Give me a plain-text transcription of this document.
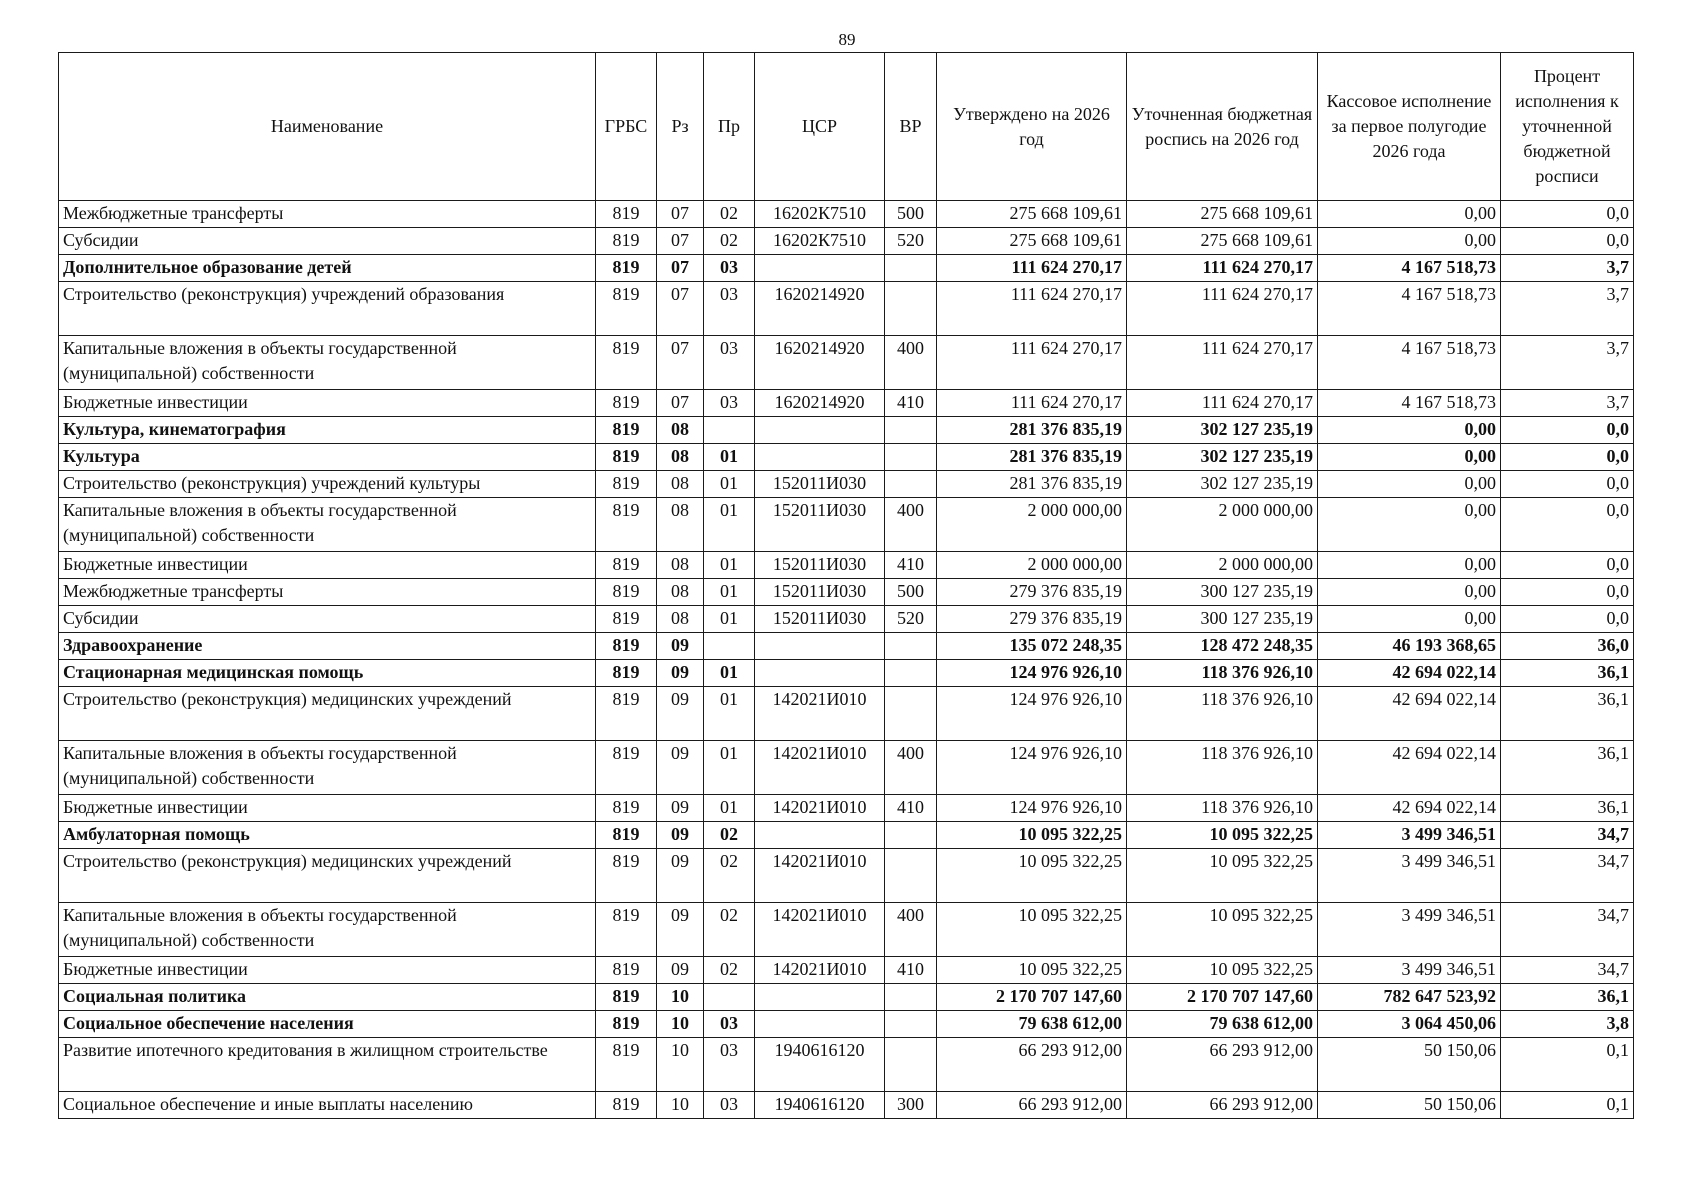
89
Наименование	ГРБС	Рз	Пр	ЦСР	ВР	Утверждено на 2026 год	Уточненная бюджетная роспись на 2026 год	Кассовое исполнение за первое полугодие 2026 года	Процент исполнения к уточненной бюджетной росписи
Межбюджетные трансферты	819	07	02	16202К7510	500	275 668 109,61	275 668 109,61	0,00	0,0
Субсидии	819	07	02	16202К7510	520	275 668 109,61	275 668 109,61	0,00	0,0
Дополнительное образование детей	819	07	03			111 624 270,17	111 624 270,17	4 167 518,73	3,7
Строительство (реконструкция) учреждений образования	819	07	03	1620214920		111 624 270,17	111 624 270,17	4 167 518,73	3,7
Капитальные вложения в объекты государственной (муниципальной) собственности	819	07	03	1620214920	400	111 624 270,17	111 624 270,17	4 167 518,73	3,7
Бюджетные инвестиции	819	07	03	1620214920	410	111 624 270,17	111 624 270,17	4 167 518,73	3,7
Культура, кинематография	819	08				281 376 835,19	302 127 235,19	0,00	0,0
Культура	819	08	01			281 376 835,19	302 127 235,19	0,00	0,0
Строительство (реконструкция) учреждений культуры	819	08	01	152011И030		281 376 835,19	302 127 235,19	0,00	0,0
Капитальные вложения в объекты государственной (муниципальной) собственности	819	08	01	152011И030	400	2 000 000,00	2 000 000,00	0,00	0,0
Бюджетные инвестиции	819	08	01	152011И030	410	2 000 000,00	2 000 000,00	0,00	0,0
Межбюджетные трансферты	819	08	01	152011И030	500	279 376 835,19	300 127 235,19	0,00	0,0
Субсидии	819	08	01	152011И030	520	279 376 835,19	300 127 235,19	0,00	0,0
Здравоохранение	819	09				135 072 248,35	128 472 248,35	46 193 368,65	36,0
Стационарная медицинская помощь	819	09	01			124 976 926,10	118 376 926,10	42 694 022,14	36,1
Строительство (реконструкция) медицинских учреждений	819	09	01	142021И010		124 976 926,10	118 376 926,10	42 694 022,14	36,1
Капитальные вложения в объекты государственной (муниципальной) собственности	819	09	01	142021И010	400	124 976 926,10	118 376 926,10	42 694 022,14	36,1
Бюджетные инвестиции	819	09	01	142021И010	410	124 976 926,10	118 376 926,10	42 694 022,14	36,1
Амбулаторная помощь	819	09	02			10 095 322,25	10 095 322,25	3 499 346,51	34,7
Строительство (реконструкция) медицинских учреждений	819	09	02	142021И010		10 095 322,25	10 095 322,25	3 499 346,51	34,7
Капитальные вложения в объекты государственной (муниципальной) собственности	819	09	02	142021И010	400	10 095 322,25	10 095 322,25	3 499 346,51	34,7
Бюджетные инвестиции	819	09	02	142021И010	410	10 095 322,25	10 095 322,25	3 499 346,51	34,7
Социальная политика	819	10				2 170 707 147,60	2 170 707 147,60	782 647 523,92	36,1
Социальное обеспечение населения	819	10	03			79 638 612,00	79 638 612,00	3 064 450,06	3,8
Развитие ипотечного кредитования в жилищном строительстве	819	10	03	1940616120		66 293 912,00	66 293 912,00	50 150,06	0,1
Социальное обеспечение и иные выплаты населению	819	10	03	1940616120	300	66 293 912,00	66 293 912,00	50 150,06	0,1
